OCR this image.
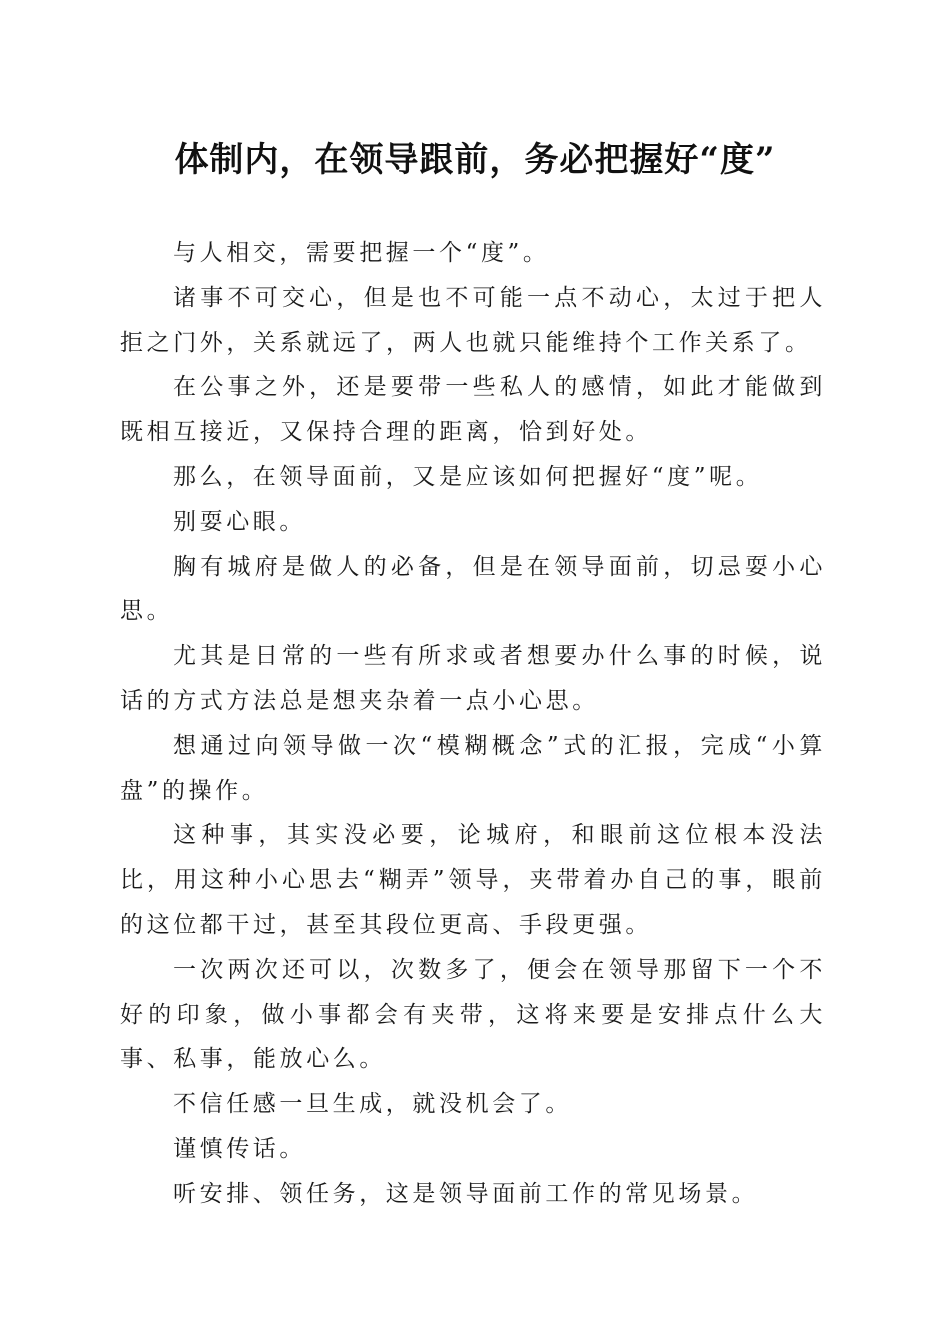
体制内，在领导跟前，务必把握好“度”

与人相交，需要把握一个“度”。

诸事不可交心，但是也不可能一点不动心，太过于把人拒之门外，关系就远了，两人也就只能维持个工作关系了。

在公事之外，还是要带一些私人的感情，如此才能做到既相互接近，又保持合理的距离，恰到好处。

那么，在领导面前，又是应该如何把握好“度”呢。

别耍心眼。

胸有城府是做人的必备，但是在领导面前，切忌耍小心思。

尤其是日常的一些有所求或者想要办什么事的时候，说话的方式方法总是想夹杂着一点小心思。

想通过向领导做一次“模糊概念”式的汇报，完成“小算盘”的操作。

这种事，其实没必要，论城府，和眼前这位根本没法比，用这种小心思去“糊弄”领导，夹带着办自己的事，眼前的这位都干过，甚至其段位更高、手段更强。

一次两次还可以，次数多了，便会在领导那留下一个不好的印象，做小事都会有夹带，这将来要是安排点什么大事、私事，能放心么。

不信任感一旦生成，就没机会了。

谨慎传话。

听安排、领任务，这是领导面前工作的常见场景。
